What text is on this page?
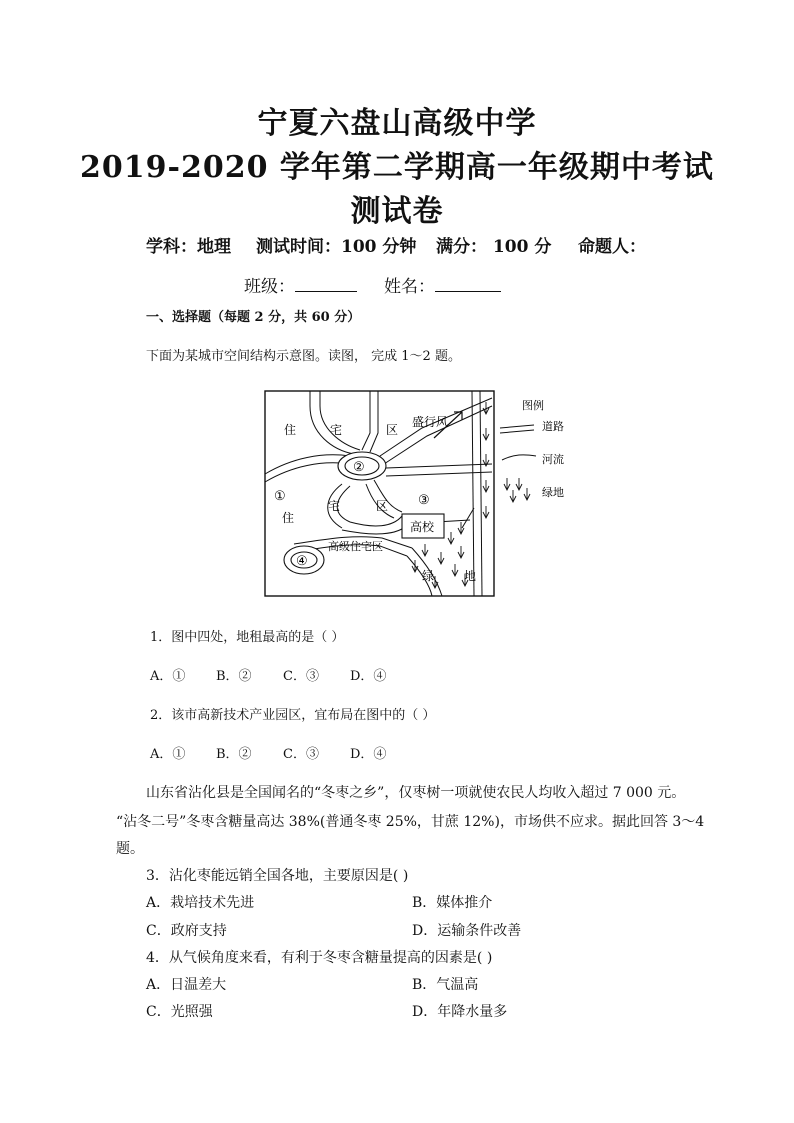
宁夏六盘山高级中学
2019-2020 学年第二学期高一年级期中考试
测试卷
学科：地理 测试时间：100 分钟 满分： 100 分 命题人：
班级：	姓名：
一、选择题（每题 2 分，共 60 分）
下面为某城市空间结构示意图。读图， 完成 1～2 题。
图例
道路
河流
绿地
住	宅	区
盛行风
②
①
住
宅	区 ③
高校
高级住宅区
④
绿 地
1．图中四处，地租最高的是（ ）
A．① B．② C．③ D．④
2．该市高新技术产业园区，宜布局在图中的（ ）
A．① B．② C．③ D．④
山东省沾化县是全国闻名的“冬枣之乡”，仅枣树一项就使农民人均收入超过 7 000 元。
“沾冬二号”冬枣含糖量高达 38%(普通冬枣 25%，甘蔗 12%)，市场供不应求。据此回答 3～4
题。
3．沾化枣能远销全国各地，主要原因是( )
A．栽培技术先进	B．媒体推介
C．政府支持	D．运输条件改善
4．从气候角度来看，有利于冬枣含糖量提高的因素是( )
A．日温差大	B．气温高
C．光照强	D．年降水量多
